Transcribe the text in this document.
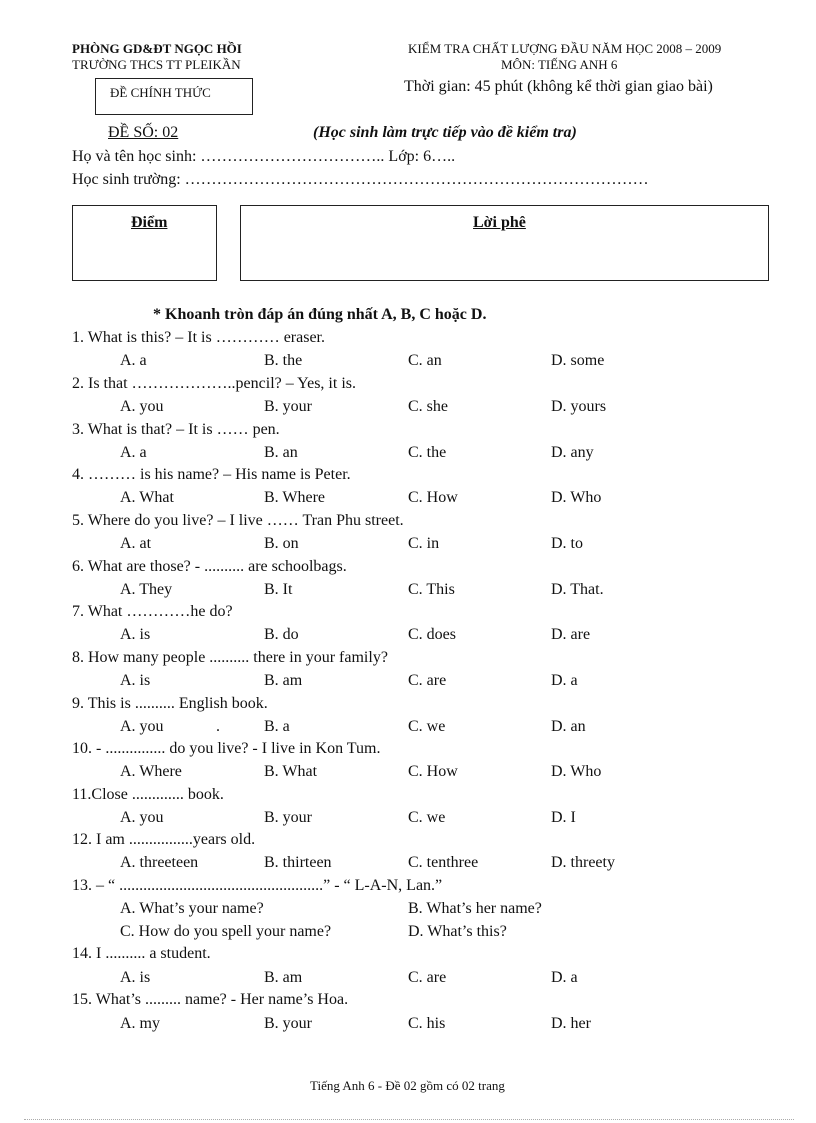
PHÒNG GD&ĐT NGỌC HỒI
TRƯỜNG THCS TT PLEIKẦN
ĐỀ CHÍNH THỨC
KIỂM TRA CHẤT LƯỢNG ĐẦU NĂM HỌC 2008 – 2009
MÔN: TIẾNG ANH 6
Thời gian: 45 phút (không kể thời gian giao bài)
ĐỀ SỐ: 02	(Học sinh làm trực tiếp vào đề kiểm tra)
Họ và tên học sinh: …………………………….. Lớp: 6…..
Học sinh trường: ……………………………………………………………………………
Điểm	Lời phê
* Khoanh tròn đáp án đúng nhất A, B, C hoặc D.
1. What is this? – It is ………… eraser.
A. a	B. the	C. an	D. some
2. Is that ………………..pencil? – Yes, it is.
A. you	B. your	C. she	D. yours
3. What is that? – It is …… pen.
A. a	B. an	C. the	D. any
4. ……… is his name? – His name is Peter.
A. What	B. Where	C. How	D. Who
5. Where do you live? – I live …… Tran Phu street.
A. at	B. on	C. in	D. to
6. What are those? - .......... are schoolbags.
A. They	B. It	C. This	D. That.
7. What …………he do?
A. is	B. do	C. does	D. are
8. How many people .......... there in your family?
A. is	B. am	C. are	D. a
9. This is .......... English book.
A. you	.	B. a	C. we	D. an
10. - ............... do you live? - I live in Kon Tum.
A. Where	B. What	C. How	D. Who
11.Close ............. book.
A. you	B. your	C. we	D. I
12. I am ................years old.
A. threeteen	B. thirteen	C. tenthree	D. threety
13. – “ ...................................................” - “ L-A-N, Lan.”
A. What’s your name?	B. What’s her name?
C. How do you spell your name?	D. What’s this?
14. I .......... a student.
A. is	B. am	C. are	D. a
15. What’s ......... name? - Her name’s Hoa.
A. my	B. your	C. his	D. her
Tiếng Anh 6 - Đề 02 gồm có 02 trang
